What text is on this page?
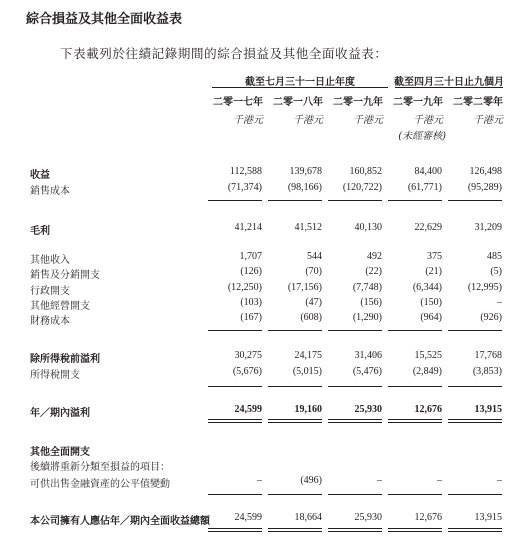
綜合損益及其他全面收益表
下表載列於往績記錄期間的綜合損益及其他全面收益表：
截至七月三十一日止年度	截至四月三十日止九個月
二零一七年	二零一八年	二零一九年	二零一九年	二零二零年
千港元	千港元	千港元	千港元	千港元
(未經審核)
收益	112,588	139,678	160,852	84,400	126,498
銷售成本	(71,374)	(98,166)	(120,722)	(61,771)	(95,289)
毛利	41,214	41,512	40,130	22,629	31,209
其他收入	1,707	544	492	375	485
銷售及分銷開支	(126)	(70)	(22)	(21)	(5)
行政開支	(12,250)	(17,156)	(7,748)	(6,344)	(12,995)
其他經營開支	(103)	(47)	(156)	(150)	–
財務成本	(167)	(608)	(1,290)	(964)	(926)
除所得稅前溢利	30,275	24,175	31,406	15,525	17,768
所得稅開支	(5,676)	(5,015)	(5,476)	(2,849)	(3,853)
年／期內溢利	24,599	19,160	25,930	12,676	13,915
其他全面開支
後續將重新分類至損益的項目：
可供出售金融資產的公平值變動	–	(496)	–	–	–
本公司擁有人應佔年／期內全面收益總額	24,599	18,664	25,930	12,676	13,915
